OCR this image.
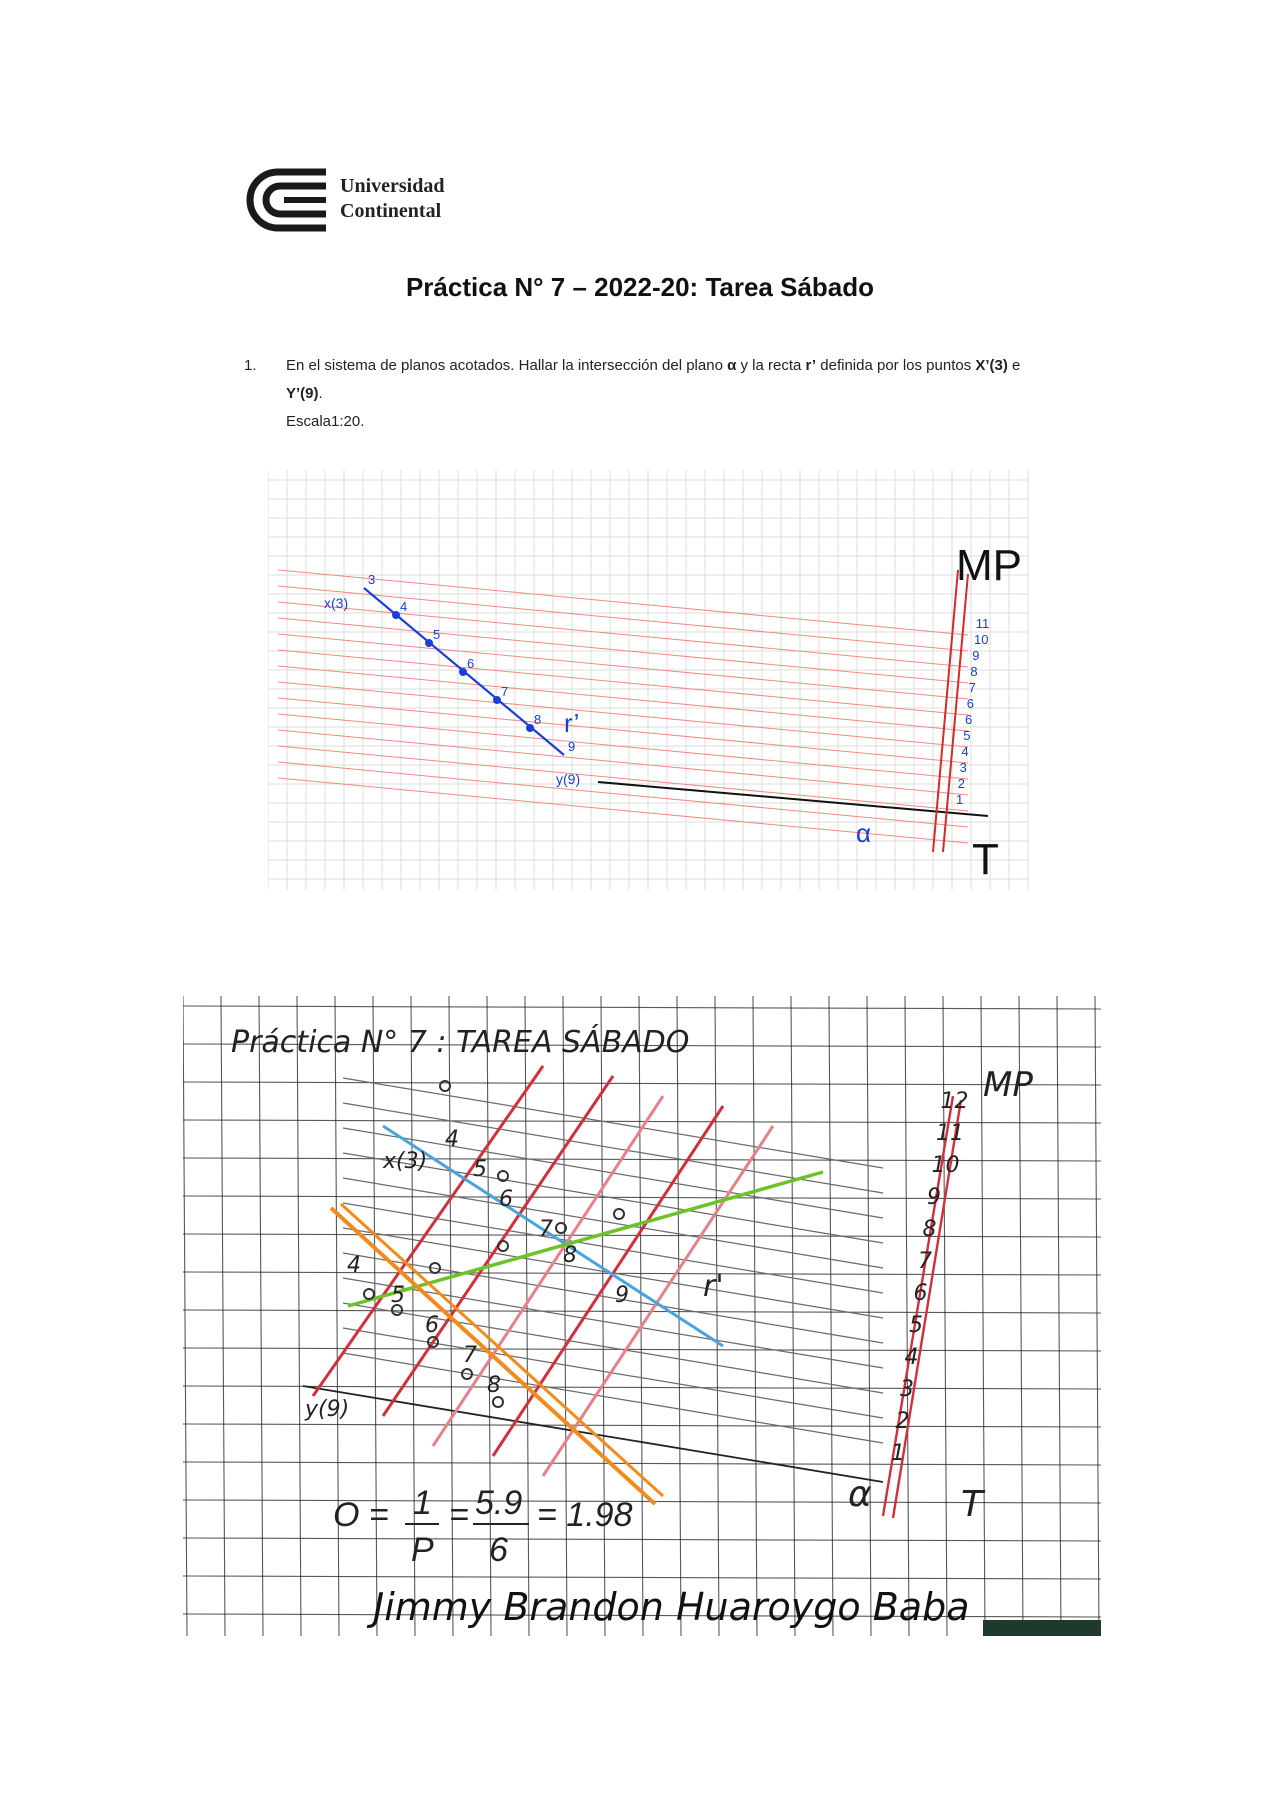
Universidad
Continental
Práctica N° 7 – 2022-20: Tarea Sábado
1. En el sistema de planos acotados. Hallar la intersección del plano α y la recta r’ definida por los puntos X’(3) e Y’(9).
Escala1:20.
3
4
5
6
7
8
9
1
2
3
4
5
6
6
7
8
9
10
11
x(3)
y(9)
r’
MP
T
α
4
5
6
7
8
9
4
5
6
7
8
1
2
3
4
5
6
7
8
9
10
11
12
Práctica N° 7 : TAREA SÁBADO
MP
T
α
r'
x(3)
y(9)
O = 1
P
= 5.9
6
= 1.98
Jimmy Brandon Huaroygo Baba
